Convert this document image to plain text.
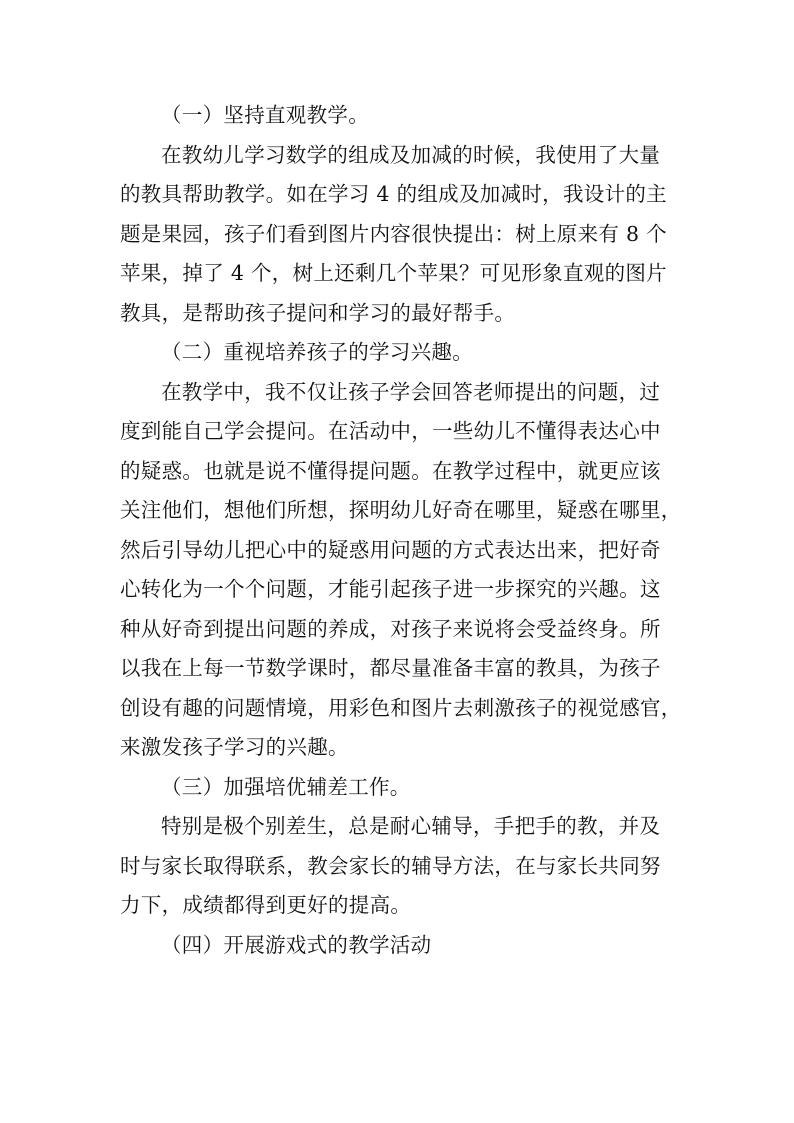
（一）坚持直观教学。
在教幼儿学习数学的组成及加减的时候，我使用了大量
的教具帮助教学。如在学习 4 的组成及加减时，我设计的主
题是果园，孩子们看到图片内容很快提出：树上原来有 8 个
苹果，掉了 4 个，树上还剩几个苹果？可见形象直观的图片
教具，是帮助孩子提问和学习的最好帮手。
（二）重视培养孩子的学习兴趣。
在教学中，我不仅让孩子学会回答老师提出的问题，过
度到能自己学会提问。在活动中，一些幼儿不懂得表达心中
的疑惑。也就是说不懂得提问题。在教学过程中，就更应该
关注他们，想他们所想，探明幼儿好奇在哪里，疑惑在哪里，
然后引导幼儿把心中的疑惑用问题的方式表达出来，把好奇
心转化为一个个问题，才能引起孩子进一步探究的兴趣。这
种从好奇到提出问题的养成，对孩子来说将会受益终身。所
以我在上每一节数学课时，都尽量准备丰富的教具，为孩子
创设有趣的问题情境，用彩色和图片去刺激孩子的视觉感官，
来激发孩子学习的兴趣。
（三）加强培优辅差工作。
特别是极个别差生，总是耐心辅导，手把手的教，并及
时与家长取得联系，教会家长的辅导方法，在与家长共同努
力下，成绩都得到更好的提高。
（四）开展游戏式的教学活动
